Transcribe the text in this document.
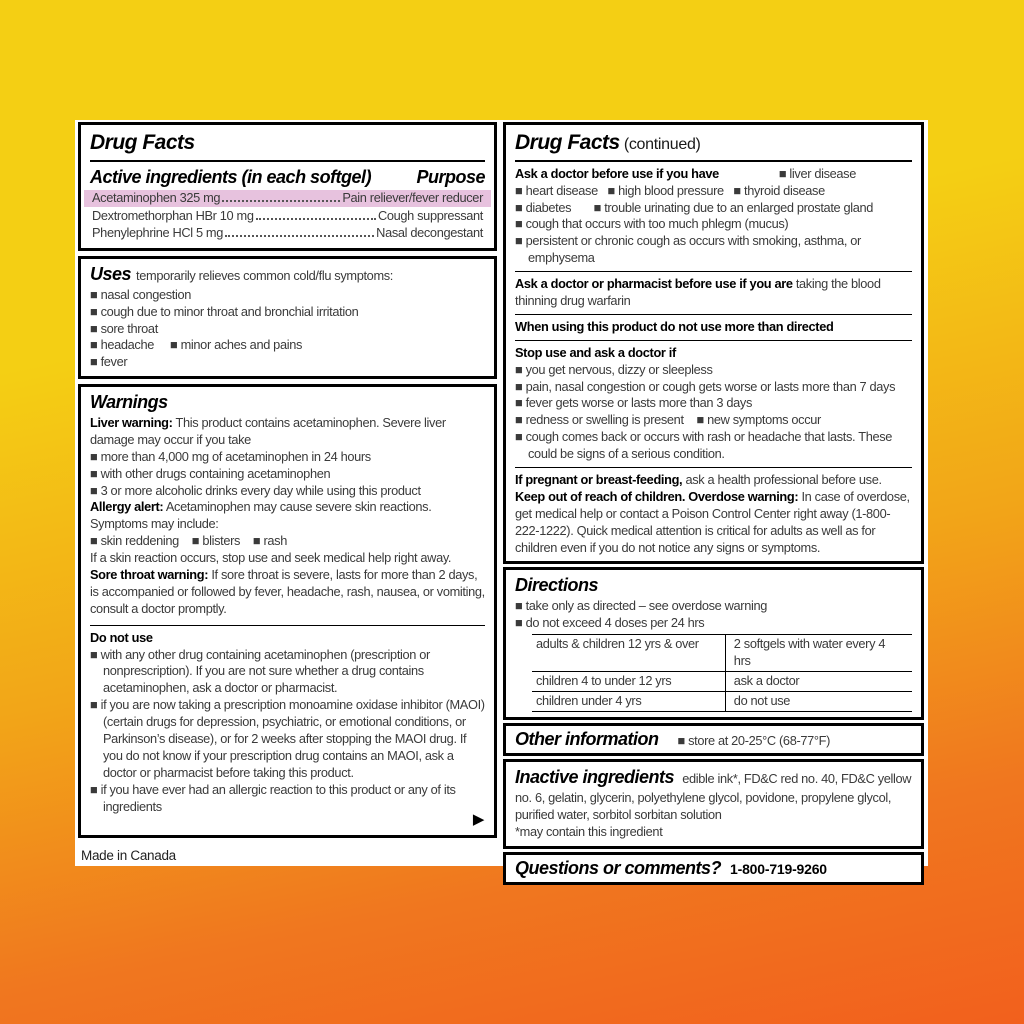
Drug Facts
Active ingredients (in each softgel)	Purpose
Acetaminophen 325 mg	Pain reliever/fever reducer
Dextromethorphan HBr 10 mg	Cough suppressant
Phenylephrine HCl 5 mg	Nasal decongestant

Uses temporarily relieves common cold/flu symptoms:

■ nasal congestion
■ cough due to minor throat and bronchial irritation
■ sore throat
■ headache     ■ minor aches and pains
■ fever
Warnings

Liver warning: This product contains acetaminophen. Severe liver damage may occur if you take

■ more than 4,000 mg of acetaminophen in 24 hours
■ with other drugs containing acetaminophen
■ 3 or more alcoholic drinks every day while using this product

Allergy alert: Acetaminophen may cause severe skin reactions. Symptoms may include:

■ skin reddening    ■ blisters    ■ rash

If a skin reaction occurs, stop use and seek medical help right away.

Sore throat warning: If sore throat is severe, lasts for more than 2 days, is accompanied or followed by fever, headache, rash, nausea, or vomiting, consult a doctor promptly.

Do not use
■ with any other drug containing acetaminophen (prescription or nonprescription). If you are not sure whether a drug contains acetaminophen, ask a doctor or pharmacist.
■ if you are now taking a prescription monoamine oxidase inhibitor (MAOI) (certain drugs for depression, psychiatric, or emotional conditions, or Parkinson’s disease), or for 2 weeks after stopping the MAOI drug. If you do not know if your prescription drug contains an MAOI, ask a doctor or pharmacist before taking this product.
■ if you have ever had an allergic reaction to this product or any of its ingredients
▶
Made in Canada
Drug Facts (continued)
Ask a doctor before use if you have	■ liver disease
■ heart disease   ■ high blood pressure   ■ thyroid disease
■ diabetes       ■ trouble urinating due to an enlarged prostate gland
■ cough that occurs with too much phlegm (mucus)
■ persistent or chronic cough as occurs with smoking, asthma, or emphysema

Ask a doctor or pharmacist before use if you are taking the blood thinning drug warfarin

When using this product do not use more than directed

Stop use and ask a doctor if
■ you get nervous, dizzy or sleepless
■ pain, nasal congestion or cough gets worse or lasts more than 7 days
■ fever gets worse or lasts more than 3 days
■ redness or swelling is present    ■ new symptoms occur
■ cough comes back or occurs with rash or headache that lasts. These could be signs of a serious condition.

If pregnant or breast-feeding, ask a health professional before use.

Keep out of reach of children. Overdose warning: In case of overdose, get medical help or contact a Poison Control Center right away (1-800-222-1222). Quick medical attention is critical for adults as well as for children even if you do not notice any signs or symptoms.

Directions
■ take only as directed – see overdose warning
■ do not exceed 4 doses per 24 hrs
adults & children 12 yrs & over	2 softgels with water every 4 hrs
children 4 to under 12 yrs	ask a doctor
children under 4 yrs	do not use
Other information ■ store at 20-25°C (68-77°F)

Inactive ingredients edible ink*, FD&C red no. 40, FD&C yellow no. 6, gelatin, glycerin, polyethylene glycol, povidone, propylene glycol, purified water, sorbitol sorbitan solution

*may contain this ingredient
Questions or comments? 1-800-719-9260
